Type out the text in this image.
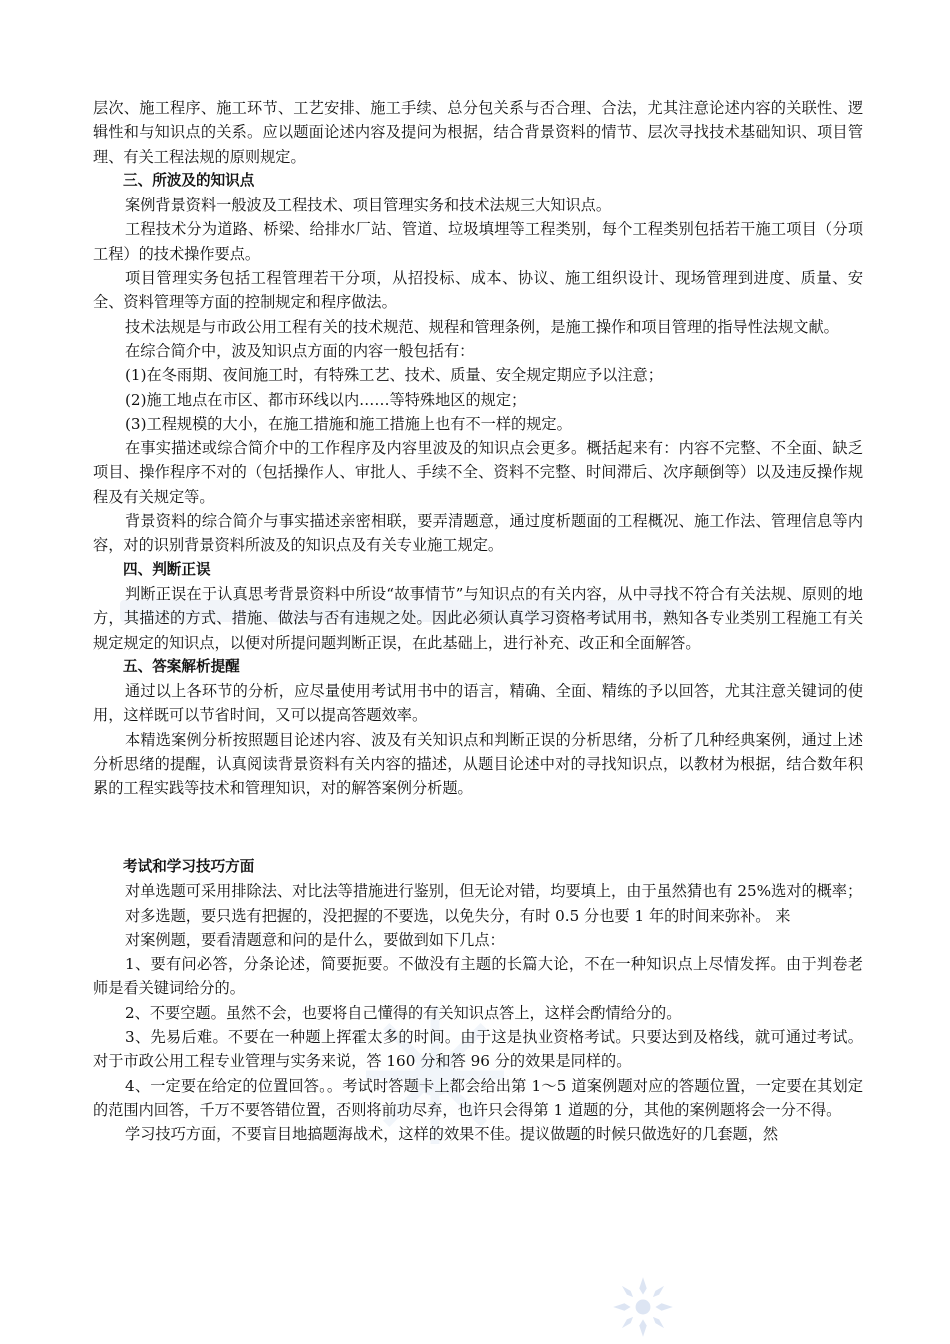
层次、施工程序、施工环节、工艺安排、施工手续、总分包关系与否合理、合法，尤其注意论述内容的关联性、逻辑性和与知识点的关系。应以题面论述内容及提问为根据，结合背景资料的情节、层次寻找技术基础知识、项目管理、有关工程法规的原则规定。

三、所波及的知识点

案例背景资料一般波及工程技术、项目管理实务和技术法规三大知识点。

工程技术分为道路、桥梁、给排水厂站、管道、垃圾填埋等工程类别，每个工程类别包括若干施工项目（分项工程）的技术操作要点。

项目管理实务包括工程管理若干分项，从招投标、成本、协议、施工组织设计、现场管理到进度、质量、安全、资料管理等方面的控制规定和程序做法。

技术法规是与市政公用工程有关的技术规范、规程和管理条例，是施工操作和项目管理的指导性法规文献。

在综合简介中，波及知识点方面的内容一般包括有：

(1)在冬雨期、夜间施工时，有特殊工艺、技术、质量、安全规定期应予以注意；

(2)施工地点在市区、都市环线以内……等特殊地区的规定；

(3)工程规模的大小，在施工措施和施工措施上也有不一样的规定。

在事实描述或综合简介中的工作程序及内容里波及的知识点会更多。概括起来有：内容不完整、不全面、缺乏项目、操作程序不对的（包括操作人、审批人、手续不全、资料不完整、时间滞后、次序颠倒等）以及违反操作规程及有关规定等。

背景资料的综合简介与事实描述亲密相联，要弄清题意，通过度析题面的工程概况、施工作法、管理信息等内容，对的识别背景资料所波及的知识点及有关专业施工规定。

四、判断正误

判断正误在于认真思考背景资料中所设“故事情节”与知识点的有关内容，从中寻找不符合有关法规、原则的地方，其描述的方式、措施、做法与否有违规之处。因此必须认真学习资格考试用书，熟知各专业类别工程施工有关规定规定的知识点，以便对所提问题判断正误，在此基础上，进行补充、改正和全面解答。

五、答案解析提醒

通过以上各环节的分析，应尽量使用考试用书中的语言，精确、全面、精练的予以回答，尤其注意关键词的使用，这样既可以节省时间，又可以提高答题效率。

本精选案例分析按照题目论述内容、波及有关知识点和判断正误的分析思绪，分析了几种经典案例，通过上述分析思绪的提醒，认真阅读背景资料有关内容的描述，从题目论述中对的寻找知识点，以教材为根据，结合数年积累的工程实践等技术和管理知识，对的解答案例分析题。

考试和学习技巧方面

对单选题可采用排除法、对比法等措施进行鉴别，但无论对错，均要填上，由于虽然猜也有 25%选对的概率；

对多选题，要只选有把握的，没把握的不要选，以免失分，有时 0.5 分也要 1 年的时间来弥补。 来

对案例题，要看清题意和问的是什么，要做到如下几点：

1、要有问必答，分条论述，简要扼要。不做没有主题的长篇大论，不在一种知识点上尽情发挥。由于判卷老师是看关键词给分的。

2、不要空题。虽然不会，也要将自己懂得的有关知识点答上，这样会酌情给分的。

3、先易后难。不要在一种题上挥霍太多的时间。由于这是执业资格考试。只要达到及格线，就可通过考试。对于市政公用工程专业管理与实务来说，答 160 分和答 96 分的效果是同样的。

4、一定要在给定的位置回答。。考试时答题卡上都会给出第 1～5 道案例题对应的答题位置，一定要在其划定的范围内回答，千万不要答错位置，否则将前功尽弃，也许只会得第 1 道题的分，其他的案例题将会一分不得。

学习技巧方面，不要盲目地搞题海战术，这样的效果不佳。提议做题的时候只做选好的几套题，然
